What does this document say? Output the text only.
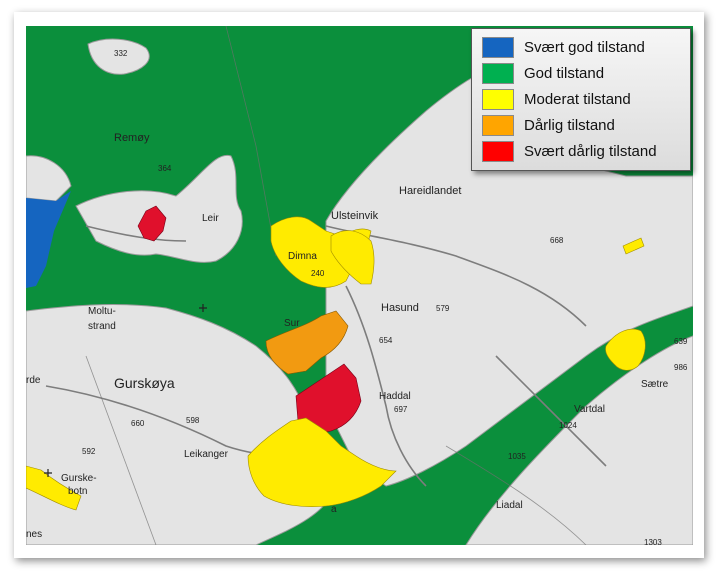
Remøy
Hareidlandet
Ulsteinvik
Dimna
Hasund
Moltu-
strand
Gurskøya
Leikanger
Haddal
Vartdal
Sætre
Liadal
Gurske-
botn
Leir
Sur
rde
nes
a
332
364
240
579
668
654
697
598
660
592
1024
1035
986
1303
639
Svært god tilstand
God tilstand
Moderat tilstand
Dårlig tilstand
Svært dårlig tilstand
